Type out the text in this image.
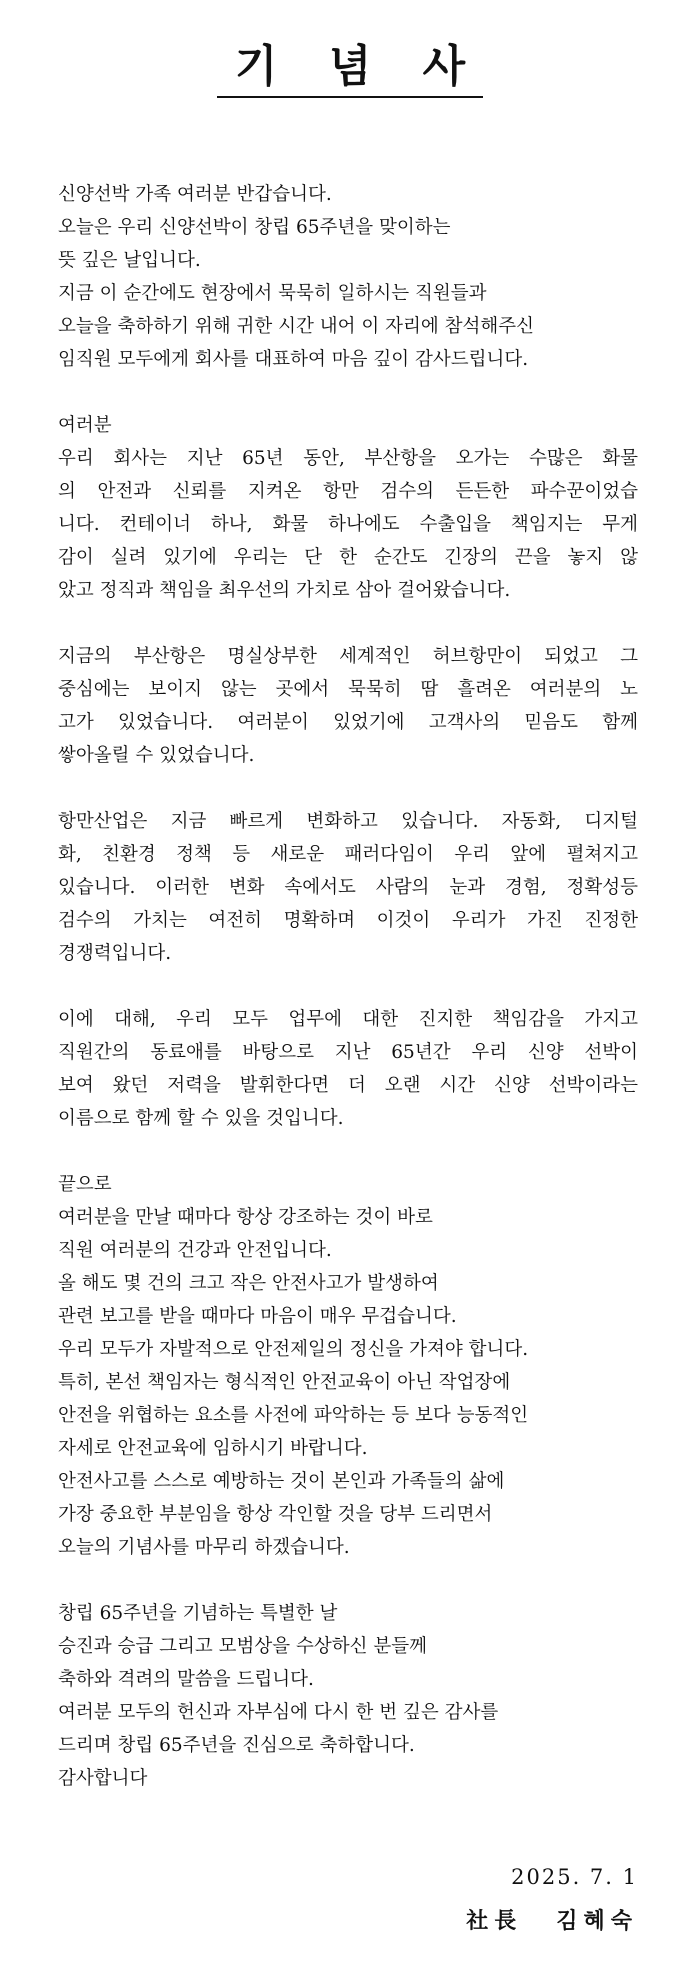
기 념 사
신양선박 가족 여러분 반갑습니다.
오늘은 우리 신양선박이 창립 65주년을 맞이하는
뜻 깊은 날입니다.
지금 이 순간에도 현장에서 묵묵히 일하시는 직원들과
오늘을 축하하기 위해 귀한 시간 내어 이 자리에 참석해주신
임직원 모두에게 회사를 대표하여 마음 깊이 감사드립니다.
여러분
우리 회사는 지난 65년 동안, 부산항을 오가는 수많은 화물
의 안전과 신뢰를 지켜온 항만 검수의 든든한 파수꾼이었습
니다. 컨테이너 하나, 화물 하나에도 수출입을 책임지는 무게
감이 실려 있기에 우리는 단 한 순간도 긴장의 끈을 놓지 않
았고 정직과 책임을 최우선의 가치로 삼아 걸어왔습니다.
지금의 부산항은 명실상부한 세계적인 허브항만이 되었고 그
중심에는 보이지 않는 곳에서 묵묵히 땀 흘려온 여러분의 노
고가 있었습니다. 여러분이 있었기에 고객사의 믿음도 함께
쌓아올릴 수 있었습니다.
항만산업은 지금 빠르게 변화하고 있습니다. 자동화, 디지털
화, 친환경 정책 등 새로운 패러다임이 우리 앞에 펼쳐지고
있습니다. 이러한 변화 속에서도 사람의 눈과 경험, 정확성등
검수의 가치는 여전히 명확하며 이것이 우리가 가진 진정한
경쟁력입니다.
이에 대해, 우리 모두 업무에 대한 진지한 책임감을 가지고
직원간의 동료애를 바탕으로 지난 65년간 우리 신양 선박이
보여 왔던 저력을 발휘한다면 더 오랜 시간 신양 선박이라는
이름으로 함께 할 수 있을 것입니다.
끝으로
여러분을 만날 때마다 항상 강조하는 것이 바로
직원 여러분의 건강과 안전입니다.
올 해도 몇 건의 크고 작은 안전사고가 발생하여
관련 보고를 받을 때마다 마음이 매우 무겁습니다.
우리 모두가 자발적으로 안전제일의 정신을 가져야 합니다.
특히, 본선 책임자는 형식적인 안전교육이 아닌 작업장에
안전을 위협하는 요소를 사전에 파악하는 등 보다 능동적인
자세로 안전교육에 임하시기 바랍니다.
안전사고를 스스로 예방하는 것이 본인과 가족들의 삶에
가장 중요한 부분임을 항상 각인할 것을 당부 드리면서
오늘의 기념사를 마무리 하겠습니다.
창립 65주년을 기념하는 특별한 날
승진과 승급 그리고 모범상을 수상하신 분들께
축하와 격려의 말씀을 드립니다.
여러분 모두의 헌신과 자부심에 다시 한 번 깊은 감사를
드리며 창립 65주년을 진심으로 축하합니다.
감사합니다
2025. 7. 1
社長 김혜숙
